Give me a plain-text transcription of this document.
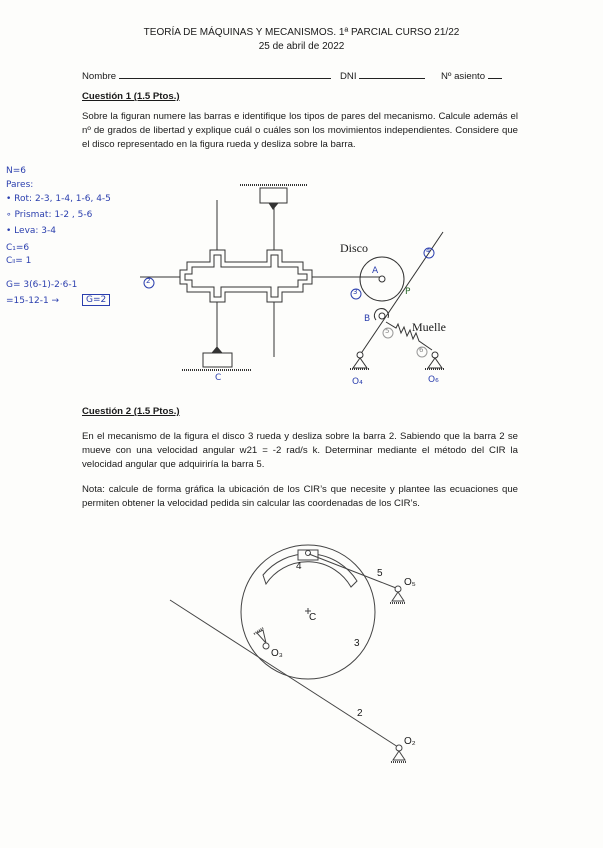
TEORÍA DE MÁQUINAS Y MECANISMOS. 1ª PARCIAL CURSO 21/22
25 de abril de 2022
Nombre	DNI	Nº asiento
Cuestión 1 (1.5 Ptos.)
Sobre la figuran numere las barras e identifique los tipos de pares del mecanismo. Calcule además el nº de grados de libertad y explique cuál o cuáles son los movimientos independientes. Considere que el disco representado en la figura rueda y desliza sobre la barra.
N=6
Pares:
• Rot: 2-3, 1-4, 1-6, 4-5
∘ Prismat: 1-2 , 5-6
• Leva: 3-4
C₁=6
Cₗₗ= 1
G= 3(6-1)-2·6-1
=15-12-1 →	G=2
Disco
Muelle
2
3
4
5
6
A
B
P
C	O₄	O₆
Cuestión 2 (1.5 Ptos.)
En el mecanismo de la figura el disco 3 rueda y desliza sobre la barra 2. Sabiendo que la barra 2 se mueve con una velocidad angular w21 = -2 rad/s k. Determinar mediante el método del CIR la velocidad angular que adquiriría la barra 5.
Nota: calcule de forma gráfica la ubicación de los CIR’s que necesite y plantee las ecuaciones que permiten obtener la velocidad pedida sin calcular las coordenadas de los CIR’s.
4
5
3
2
C
O₅
O₃
O₂
